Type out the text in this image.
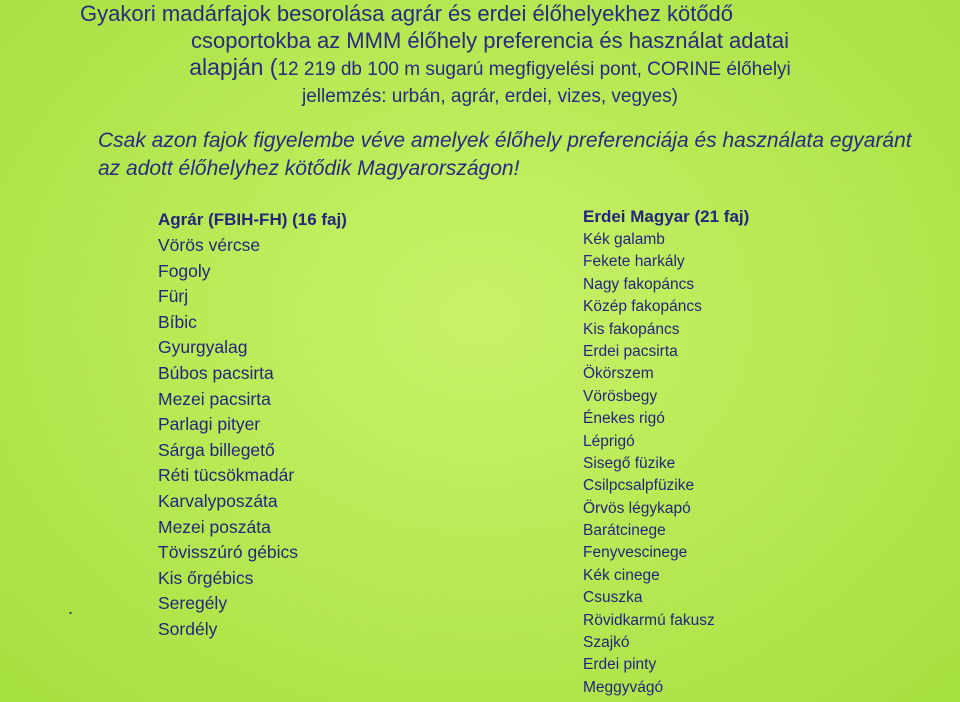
Gyakori madárfajok besorolása agrár és erdei élőhelyekhez kötődő
csoportokba az MMM élőhely preferencia és használat adatai
alapján (12 219 db 100 m sugarú megfigyelési pont, CORINE élőhelyi
jellemzés: urbán, agrár, erdei, vizes, vegyes)
Csak azon fajok figyelembe véve amelyek élőhely preferenciája és használata egyaránt az adott élőhelyhez kötődik Magyarországon!
.
Agrár (FBIH-FH) (16 faj)
Vörös vércse
Fogoly
Fürj
Bíbic
Gyurgyalag
Búbos pacsirta
Mezei pacsirta
Parlagi pityer
Sárga billegető
Réti tücsökmadár
Karvalyposzáta
Mezei poszáta
Tövisszúró gébics
Kis őrgébics
Seregély
Sordély
Erdei Magyar (21 faj)
Kék galamb
Fekete harkály
Nagy fakopáncs
Közép fakopáncs
Kis fakopáncs
Erdei pacsirta
Ökörszem
Vörösbegy
Énekes rigó
Léprigó
Sisegő füzike
Csilpcsalpfüzike
Örvös légykapó
Barátcinege
Fenyvescinege
Kék cinege
Csuszka
Rövidkarmú fakusz
Szajkó
Erdei pinty
Meggyvágó
